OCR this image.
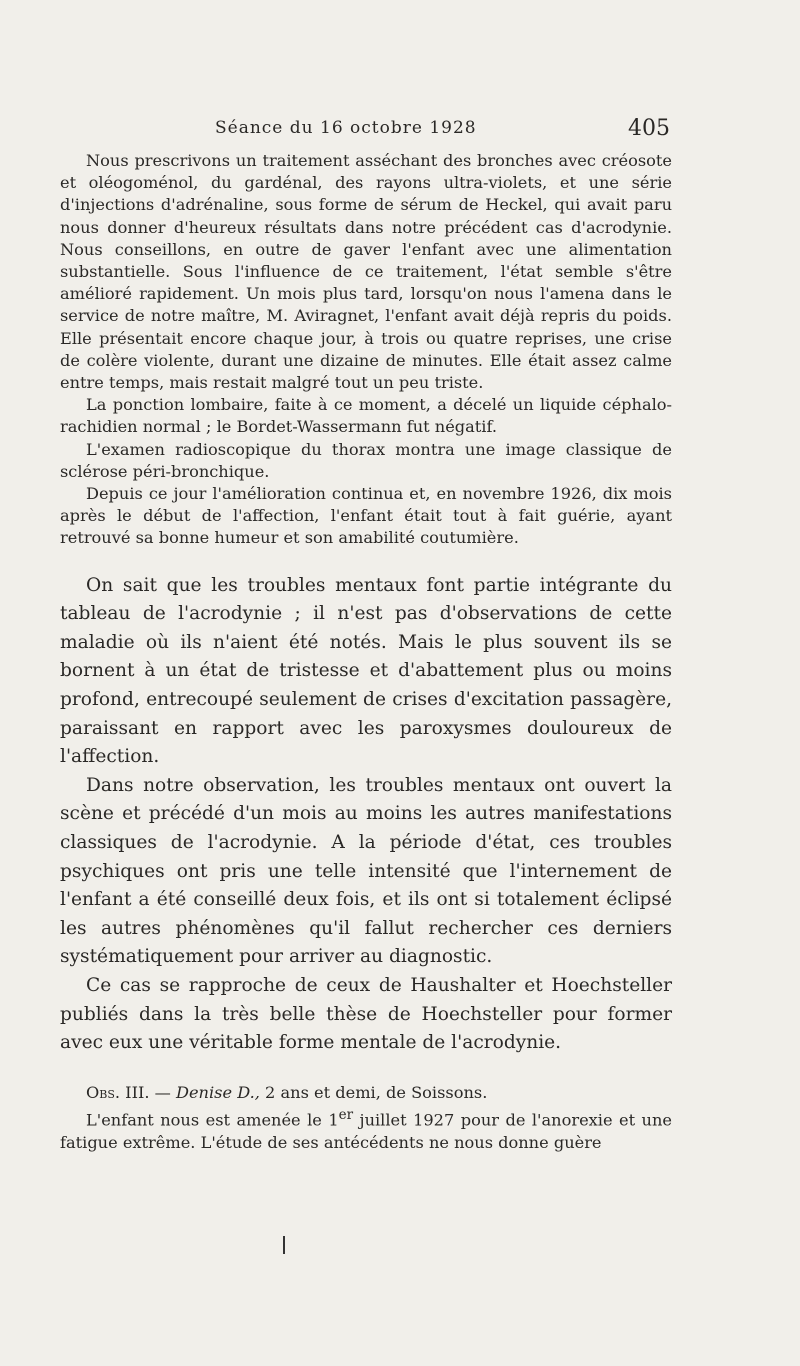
Séance du 16 octobre 1928	405

Nous prescrivons un traitement asséchant des bronches avec créosote et oléogoménol, du gardénal, des rayons ultra-violets, et une série d'injections d'adrénaline, sous forme de sérum de Heckel, qui avait paru nous donner d'heureux résultats dans notre précédent cas d'acrodynie. Nous conseillons, en outre de gaver l'enfant avec une alimentation substantielle. Sous l'influence de ce traitement, l'état semble s'être amélioré rapidement. Un mois plus tard, lorsqu'on nous l'amena dans le service de notre maître, M. Aviragnet, l'enfant avait déjà repris du poids. Elle présentait encore chaque jour, à trois ou quatre reprises, une crise de colère violente, durant une dizaine de minutes. Elle était assez calme entre temps, mais restait malgré tout un peu triste.

La ponction lombaire, faite à ce moment, a décelé un liquide céphalo-rachidien normal ; le Bordet-Wassermann fut négatif.

L'examen radioscopique du thorax montra une image classique de sclérose péri-bronchique.

Depuis ce jour l'amélioration continua et, en novembre 1926, dix mois après le début de l'affection, l'enfant était tout à fait guérie, ayant retrouvé sa bonne humeur et son amabilité coutumière.

On sait que les troubles mentaux font partie intégrante du tableau de l'acrodynie ; il n'est pas d'observations de cette maladie où ils n'aient été notés. Mais le plus souvent ils se bornent à un état de tristesse et d'abattement plus ou moins profond, entrecoupé seulement de crises d'excitation passagère, paraissant en rapport avec les paroxysmes douloureux de l'affection.

Dans notre observation, les troubles mentaux ont ouvert la scène et précédé d'un mois au moins les autres manifestations classiques de l'acrodynie. A la période d'état, ces troubles psychiques ont pris une telle intensité que l'internement de l'enfant a été conseillé deux fois, et ils ont si totalement éclipsé les autres phénomènes qu'il fallut rechercher ces derniers systématiquement pour arriver au diagnostic.

Ce cas se rapproche de ceux de Haushalter et Hoechsteller publiés dans la très belle thèse de Hoechsteller pour former avec eux une véritable forme mentale de l'acrodynie.

Obs. III. — Denise D., 2 ans et demi, de Soissons.

L'enfant nous est amenée le 1er juillet 1927 pour de l'anorexie et une fatigue extrême. L'étude de ses antécédents ne nous donne guère
